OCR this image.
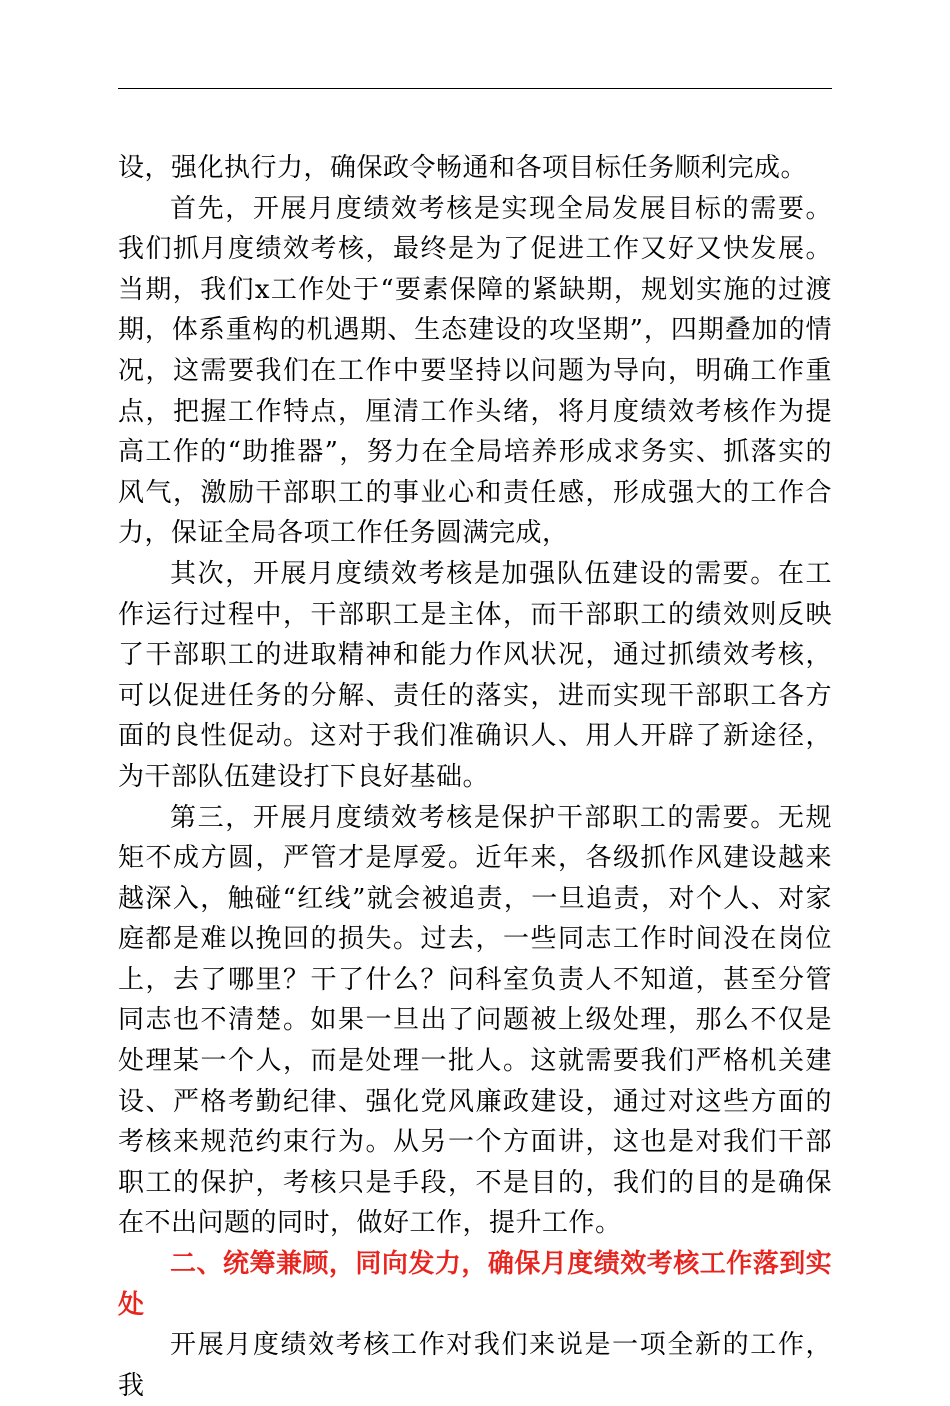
设，强化执行力，确保政令畅通和各项目标任务顺利完成。

首先，开展月度绩效考核是实现全局发展目标的需要。我们抓月度绩效考核，最终是为了促进工作又好又快发展。当期，我们x工作处于“要素保障的紧缺期，规划实施的过渡期，体系重构的机遇期、生态建设的攻坚期”，四期叠加的情况，这需要我们在工作中要坚持以问题为导向，明确工作重点，把握工作特点，厘清工作头绪，将月度绩效考核作为提高工作的“助推器”，努力在全局培养形成求务实、抓落实的风气，激励干部职工的事业心和责任感，形成强大的工作合力，保证全局各项工作任务圆满完成，

其次，开展月度绩效考核是加强队伍建设的需要。在工作运行过程中，干部职工是主体，而干部职工的绩效则反映了干部职工的进取精神和能力作风状况，通过抓绩效考核，可以促进任务的分解、责任的落实，进而实现干部职工各方面的良性促动。这对于我们准确识人、用人开辟了新途径，为干部队伍建设打下良好基础。

第三，开展月度绩效考核是保护干部职工的需要。无规矩不成方圆，严管才是厚爱。近年来，各级抓作风建设越来越深入，触碰“红线”就会被追责，一旦追责，对个人、对家庭都是难以挽回的损失。过去，一些同志工作时间没在岗位上，去了哪里？干了什么？问科室负责人不知道，甚至分管同志也不清楚。如果一旦出了问题被上级处理，那么不仅是处理某一个人，而是处理一批人。这就需要我们严格机关建设、严格考勤纪律、强化党风廉政建设，通过对这些方面的考核来规范约束行为。从另一个方面讲，这也是对我们干部职工的保护，考核只是手段，不是目的，我们的目的是确保在不出问题的同时，做好工作，提升工作。

二、统筹兼顾，同向发力，确保月度绩效考核工作落到实处

开展月度绩效考核工作对我们来说是一项全新的工作，我
